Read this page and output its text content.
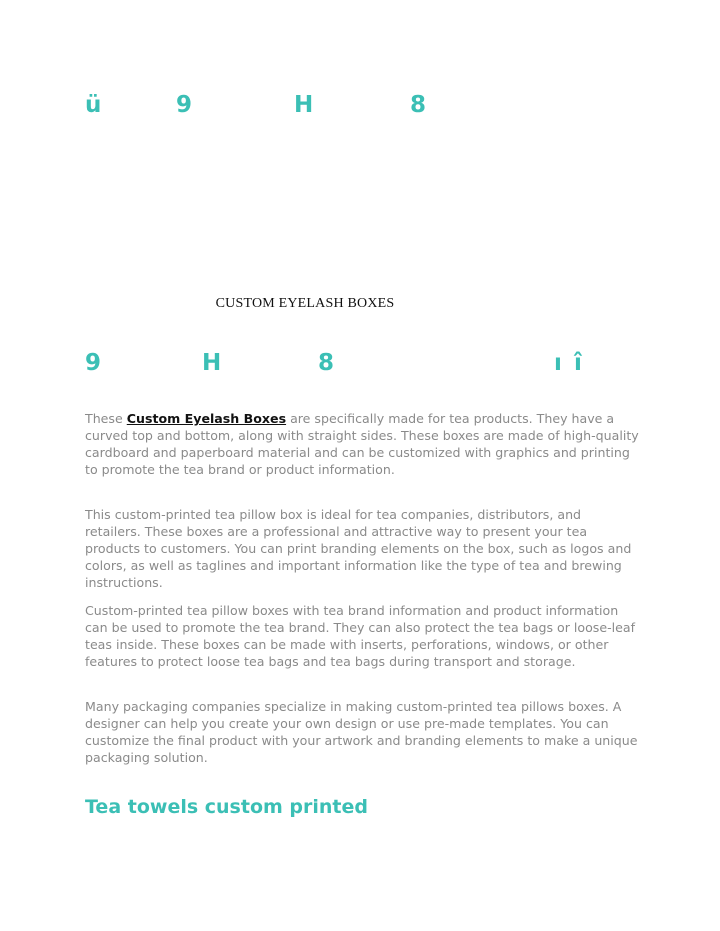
ü	9	H	8
CUSTOM EYELASH BOXES
9	H	8	ı î

These Custom Eyelash Boxes are specifically made for tea products. They have a curved top and bottom, along with straight sides. These boxes are made of high-quality cardboard and paperboard material and can be customized with graphics and printing to promote the tea brand or product information.

This custom-printed tea pillow box is ideal for tea companies, distributors, and retailers. These boxes are a professional and attractive way to present your tea products to customers. You can print branding elements on the box, such as logos and colors, as well as taglines and important information like the type of tea and brewing instructions.

Custom-printed tea pillow boxes with tea brand information and product information can be used to promote the tea brand. They can also protect the tea bags or loose-leaf teas inside. These boxes can be made with inserts, perforations, windows, or other features to protect loose tea bags and tea bags during transport and storage.

Many packaging companies specialize in making custom-printed tea pillows boxes. A designer can help you create your own design or use pre-made templates. You can customize the final product with your artwork and branding elements to make a unique packaging solution.

Tea towels custom printed
